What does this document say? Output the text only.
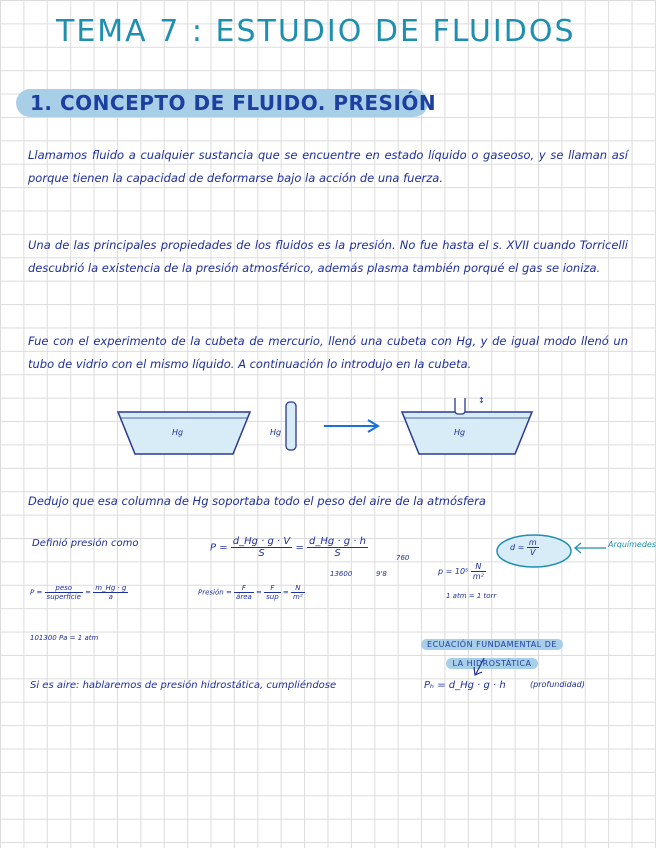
TEMA 7 : ESTUDIO DE FLUIDOS
1. CONCEPTO DE FLUIDO. PRESIÓN
Llamamos fluido a cualquier sustancia que se encuentre en estado líquido o gaseoso, y se llaman así porque tienen la capacidad de deformarse bajo la acción de una fuerza.
Una de las principales propiedades de los fluidos es la presión. No fue hasta el s. XVII cuando Torricelli descubrió la existencia de la presión atmosférico, además plasma también porqué el gas se ioniza.
Fue con el experimento de la cubeta de mercurio, llenó una cubeta con Hg, y de igual modo llenó un tubo de vidrio con el mismo líquido. A continuación lo introdujo en la cubeta.
Hg	Hg	Hg
↕
Dedujo que esa columna de Hg soportaba todo el peso del aire de la atmósfera
Definió presión como	$P = \frac{d\_Hg \cdot g \cdot V}{S} = \frac{d\_Hg \cdot g \cdot h}{S}$
13600	9'8
760
$p = 10^5 \frac{N}{\text{m²}}$
1 atm = 1 torr
$d = \frac{m}{V}$	Arquímedes
$P = \frac{\text{peso}}{\text{superficie}} = \frac{m\_Hg \cdot g}{a}$	Presión = $\frac{F}{\text{área}} = \frac{F}{\text{sup}} = \frac{N}{\text{m²}}$
101300 Pa = 1 atm
ECUACIÓN FUNDAMENTAL DE
LA HIDROSTÁTICA
Si es aire: hablaremos de presión hidrostática, cumpliéndose	Pₕ = d_Hg · g · h	(profundidad)
